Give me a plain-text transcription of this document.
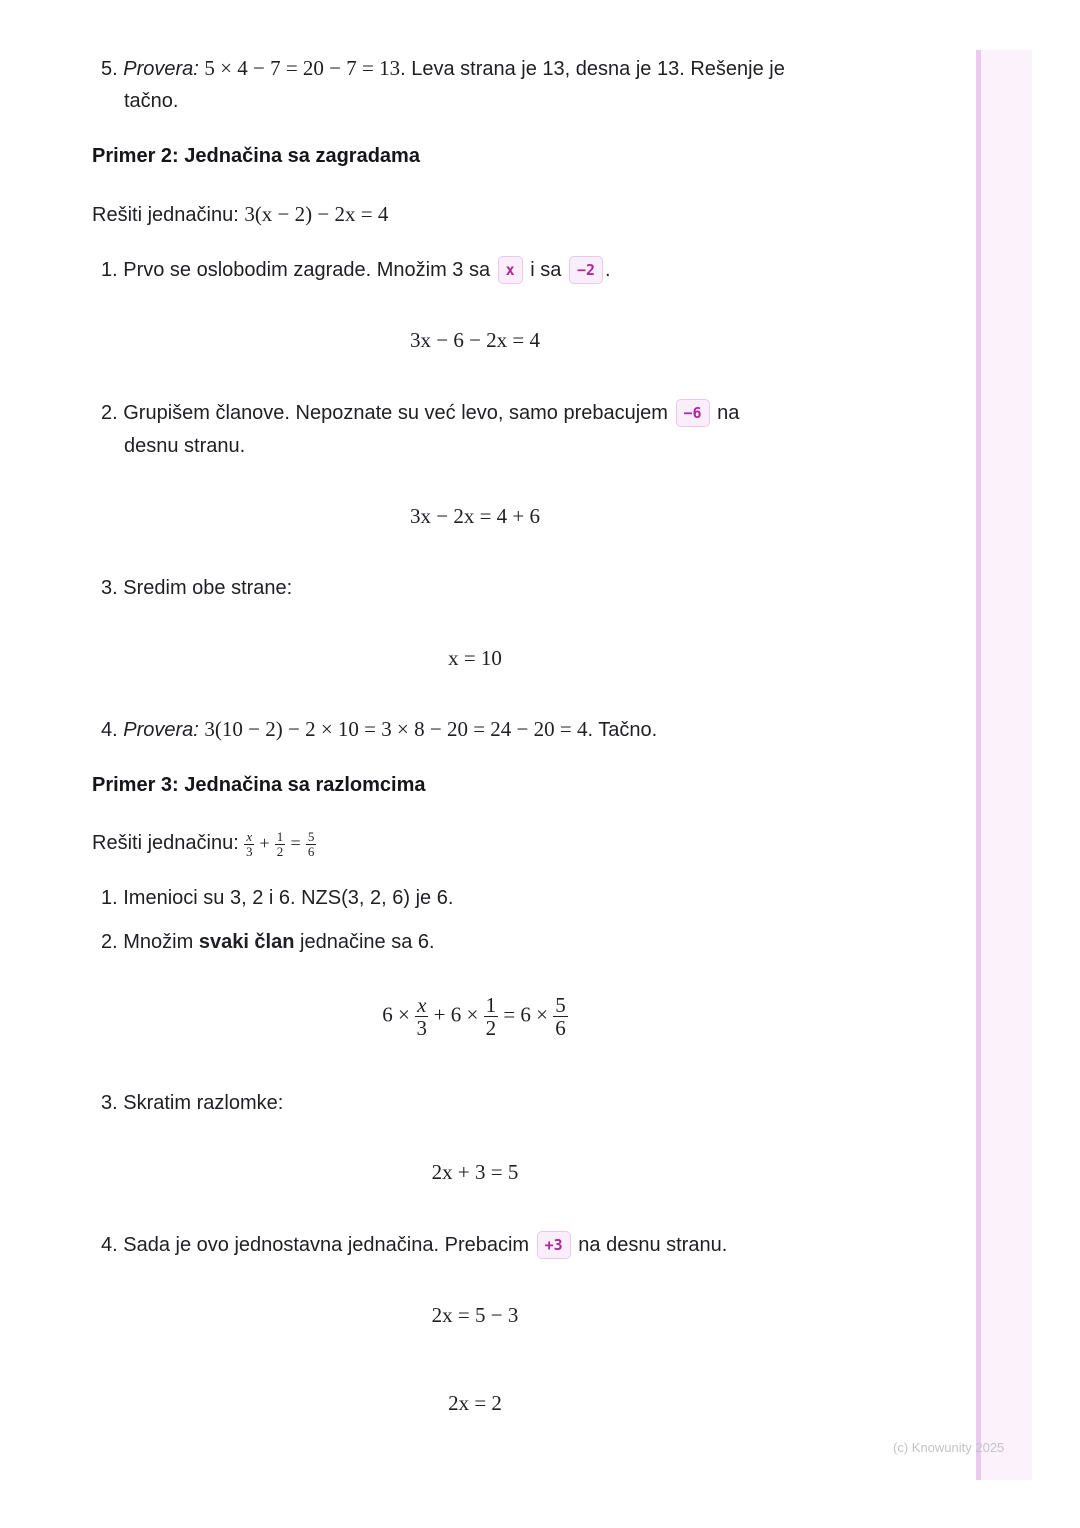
5. Provera: 5 × 4 − 7 = 20 − 7 = 13. Leva strana je 13, desna je 13. Rešenje je
tačno.
Primer 2: Jednačina sa zagradama
Rešiti jednačinu: 3(x − 2) − 2x = 4
1. Prvo se oslobodim zagrade. Množim 3 sa x i sa −2 .
3x − 6 − 2x = 4
2. Grupišem članove. Nepoznate su već levo, samo prebacujem −6 na
desnu stranu.
3x − 2x = 4 + 6
3. Sredim obe strane:
x = 10
4. Provera: 3(10 − 2) − 2 × 10 = 3 × 8 − 20 = 24 − 20 = 4. Tačno.
Primer 3: Jednačina sa razlomcima
Rešiti jednačinu: $\frac{x}{3} + \frac{1}{2} = \frac{5}{6}$
1. Imenioci su 3, 2 i 6. NZS(3, 2, 6) je 6.
2. Množim svaki član jednačine sa 6.
$6 \times \frac{x}{3} + 6 \times \frac{1}{2} = 6 \times \frac{5}{6}$
3. Skratim razlomke:
2x + 3 = 5
4. Sada je ovo jednostavna jednačina. Prebacim +3 na desnu stranu.
2x = 5 − 3
2x = 2
(c) Knowunity 2025
